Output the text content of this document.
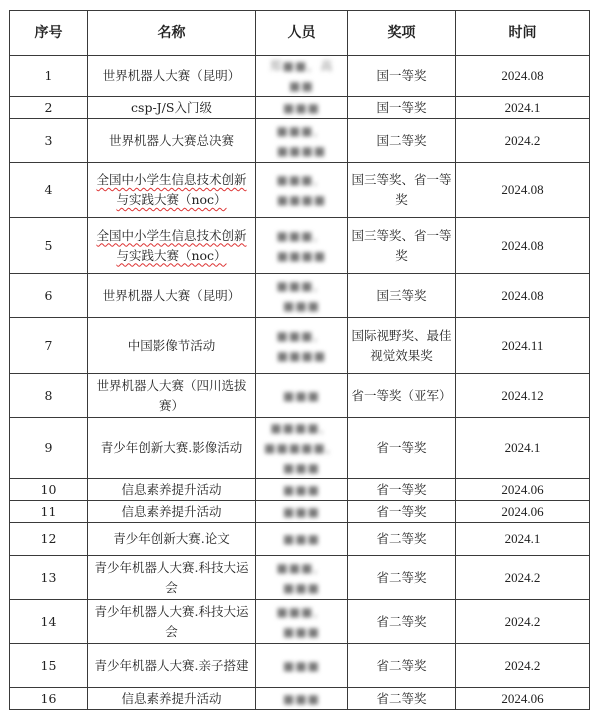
序号	名称	人员	奖项	时间
1	世界机器人大赛（昆明）	郑■■，高■■	国一等奖	2024.08
2	csp-J/S入门级	■■■	国一等奖	2024.1
3	世界机器人大赛总决赛	■■■，■■■■	国二等奖	2024.2
4	全国中小学生信息技术创新与实践大赛（noc）	■■■，■■■■	国三等奖、省一等奖	2024.08
5	全国中小学生信息技术创新与实践大赛（noc）	■■■，■■■■	国三等奖、省一等奖	2024.08
6	世界机器人大赛（昆明）	■■■，■■■	国三等奖	2024.08
7	中国影像节活动	■■■，■■■■	国际视野奖、最佳视觉效果奖	2024.11
8	世界机器人大赛（四川选拔赛）	■■■	省一等奖（亚军）	2024.12
9	青少年创新大赛.影像活动	■■■■，■■■■■，■■■	省一等奖	2024.1
10	信息素养提升活动	■■■	省一等奖	2024.06
11	信息素养提升活动	■■■	省一等奖	2024.06
12	青少年创新大赛.论文	■■■	省二等奖	2024.1
13	青少年机器人大赛.科技大运会	■■■，■■■	省二等奖	2024.2
14	青少年机器人大赛.科技大运会	■■■，■■■	省二等奖	2024.2
15	青少年机器人大赛.亲子搭建	■■■	省二等奖	2024.2
16	信息素养提升活动	■■■	省二等奖	2024.06
